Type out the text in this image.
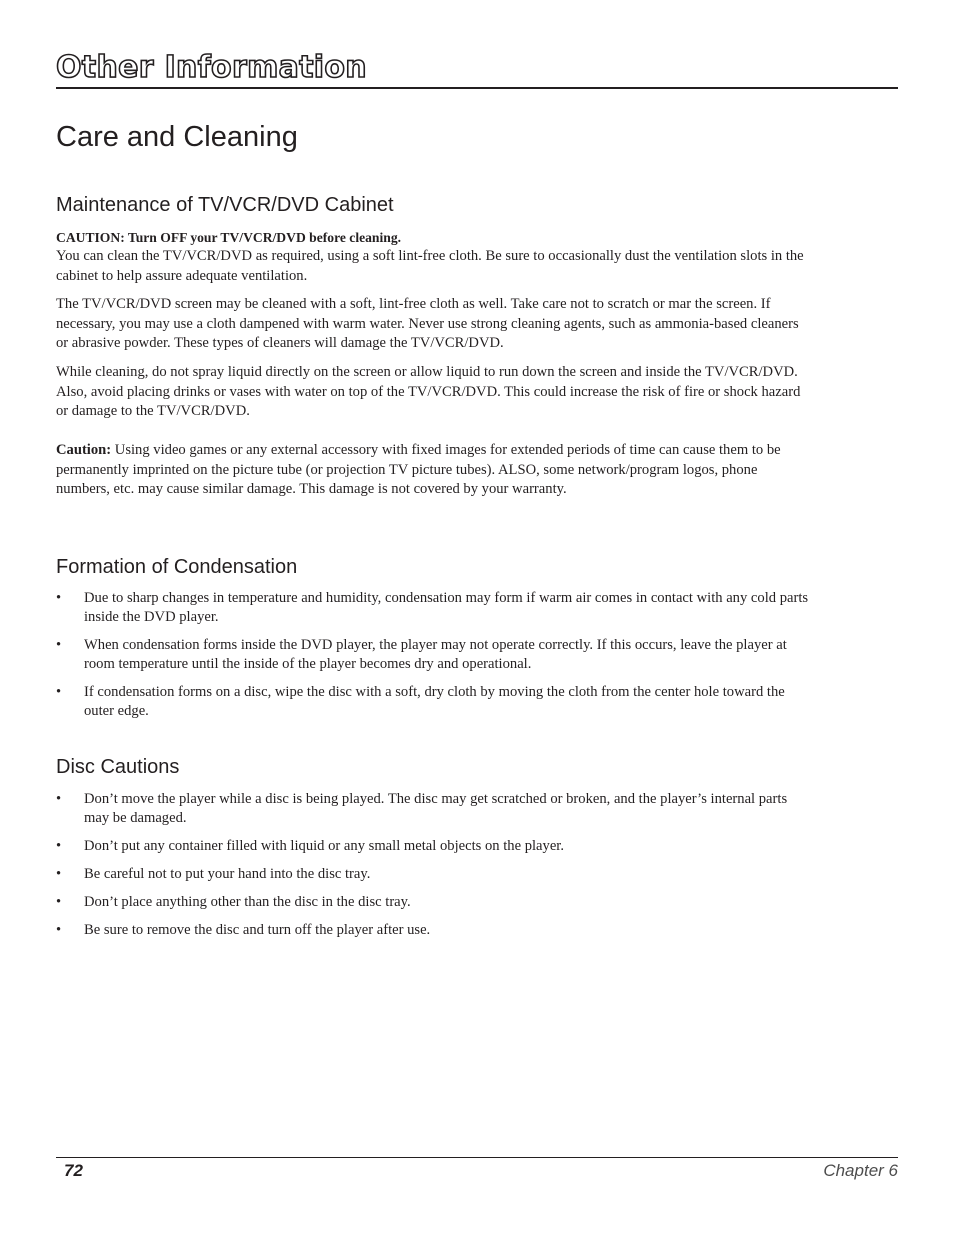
Other Information
Care and Cleaning
Maintenance of TV/VCR/DVD Cabinet
CAUTION: Turn OFF your TV/VCR/DVD before cleaning.
You can clean the TV/VCR/DVD as required, using a soft lint-free cloth. Be sure to occasionally dust the ventilation slots in the cabinet to help assure adequate ventilation.
The TV/VCR/DVD screen may be cleaned with a soft, lint-free cloth as well. Take care not to scratch or mar the screen. If necessary, you may use a cloth dampened with warm water. Never use strong cleaning agents, such as ammonia-based cleaners or abrasive powder. These types of cleaners will damage the TV/VCR/DVD.
While cleaning, do not spray liquid directly on the screen or allow liquid to run down the screen and inside the TV/VCR/DVD. Also, avoid placing drinks or vases with water on top of the TV/VCR/DVD. This could increase the risk of fire or shock hazard or damage to the TV/VCR/DVD.
Caution: Using video games or any external accessory with fixed images for extended periods of time can cause them to be permanently imprinted on the picture tube (or projection TV picture tubes). ALSO, some network/program logos, phone numbers, etc. may cause similar damage. This damage is not covered by your warranty.
Formation of Condensation
• Due to sharp changes in temperature and humidity, condensation may form if warm air comes in contact with any cold parts inside the DVD player.
• When condensation forms inside the DVD player, the player may not operate correctly. If this occurs, leave the player at room temperature until the inside of the player becomes dry and operational.
• If condensation forms on a disc, wipe the disc with a soft, dry cloth by moving the cloth from the center hole toward the outer edge.
Disc Cautions
• Don’t move the player while a disc is being played. The disc may get scratched or broken, and the player’s internal parts may be damaged.
• Don’t put any container filled with liquid or any small metal objects on the player.
• Be careful not to put your hand into the disc tray.
• Don’t place anything other than the disc in the disc tray.
• Be sure to remove the disc and turn off the player after use.
72	Chapter 6
